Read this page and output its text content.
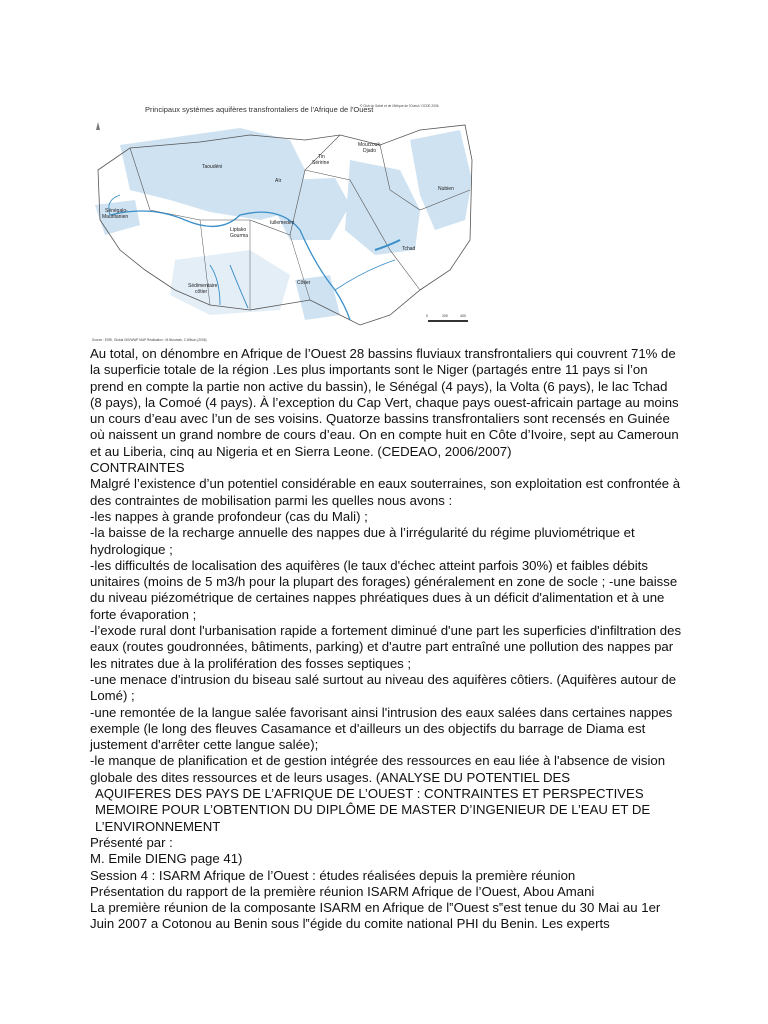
Principaux systèmes aquifères transfrontaliers de l'Afrique de l'Ouest
Taoudéni
Iullemeden
Tchad
Nubien
Sénégalo-
Mauritanien
Liptako
Gourma
Sédimentaire
côtier
Aïr
Tin
Séririne
Mourzouk-
Djado
Côtier
0	200	400
Source : ESRI, Global GIS/WWF MAP Réalisation : M.Nkrumah, C.Wilson (2006)
© Club du Sahel et de l'Afrique de l'Ouest / OCDE 2006

Au total, on dénombre en Afrique de l’Ouest 28 bassins fluviaux transfrontaliers qui couvrent 71% de la superficie totale de la région .Les plus importants sont le Niger (partagés entre 11 pays si l’on prend en compte la partie non active du bassin), le Sénégal (4 pays), la Volta (6 pays), le lac Tchad (8 pays), la Comoé (4 pays). À l’exception du Cap Vert, chaque pays ouest-africain partage au moins un cours d’eau avec l’un de ses voisins. Quatorze bassins transfrontaliers sont recensés en Guinée où naissent un grand nombre de cours d’eau. On en compte huit en Côte d’Ivoire, sept au Cameroun et au Liberia, cinq au Nigeria et en Sierra Leone. (CEDEAO, 2006/2007)

CONTRAINTES

Malgré l’existence d’un potentiel considérable en eaux souterraines, son exploitation est confrontée à des contraintes de mobilisation parmi les quelles nous avons :

-les nappes à grande profondeur (cas du Mali) ;

-la baisse de la recharge annuelle des nappes due à l’irrégularité du régime pluviométrique et hydrologique ;

-les difficultés de localisation des aquifères (le taux d'échec atteint parfois 30%) et faibles débits unitaires (moins de 5 m3/h pour la plupart des forages) généralement en zone de socle ; -une baisse du niveau piézométrique de certaines nappes phréatiques dues à un déficit d'alimentation et à une forte évaporation ;

-l’exode rural dont l'urbanisation rapide a fortement diminué d'une part les superficies d'infiltration des eaux (routes goudronnées, bâtiments, parking) et d'autre part entraîné une pollution des nappes par les nitrates due à la prolifération des fosses septiques ;

-une menace d'intrusion du biseau salé surtout au niveau des aquifères côtiers. (Aquifères autour de Lomé) ;

-une remontée de la langue salée favorisant ainsi l'intrusion des eaux salées dans certaines nappes exemple (le long des fleuves Casamance et d'ailleurs un des objectifs du barrage de Diama est justement d'arrêter cette langue salée);

-le manque de planification et de gestion intégrée des ressources en eau liée à l'absence de vision globale des dites ressources et de leurs usages. (ANALYSE DU POTENTIEL DES

AQUIFERES DES PAYS DE L’AFRIQUE DE L’OUEST : CONTRAINTES ET PERSPECTIVES

MEMOIRE POUR L’OBTENTION DU DIPLÔME DE MASTER D’INGENIEUR DE L’EAU ET DE L’ENVIRONNEMENT

Présenté par :

M. Emile DIENG page 41)

Session 4 : ISARM Afrique de l’Ouest : études réalisées depuis la première réunion

Présentation du rapport de la première réunion ISARM Afrique de l’Ouest, Abou Amani

La première réunion de la composante ISARM en Afrique de l‟Ouest s‟est tenue du 30 Mai au 1er Juin 2007 a Cotonou au Benin sous l‟égide du comite national PHI du Benin. Les experts
